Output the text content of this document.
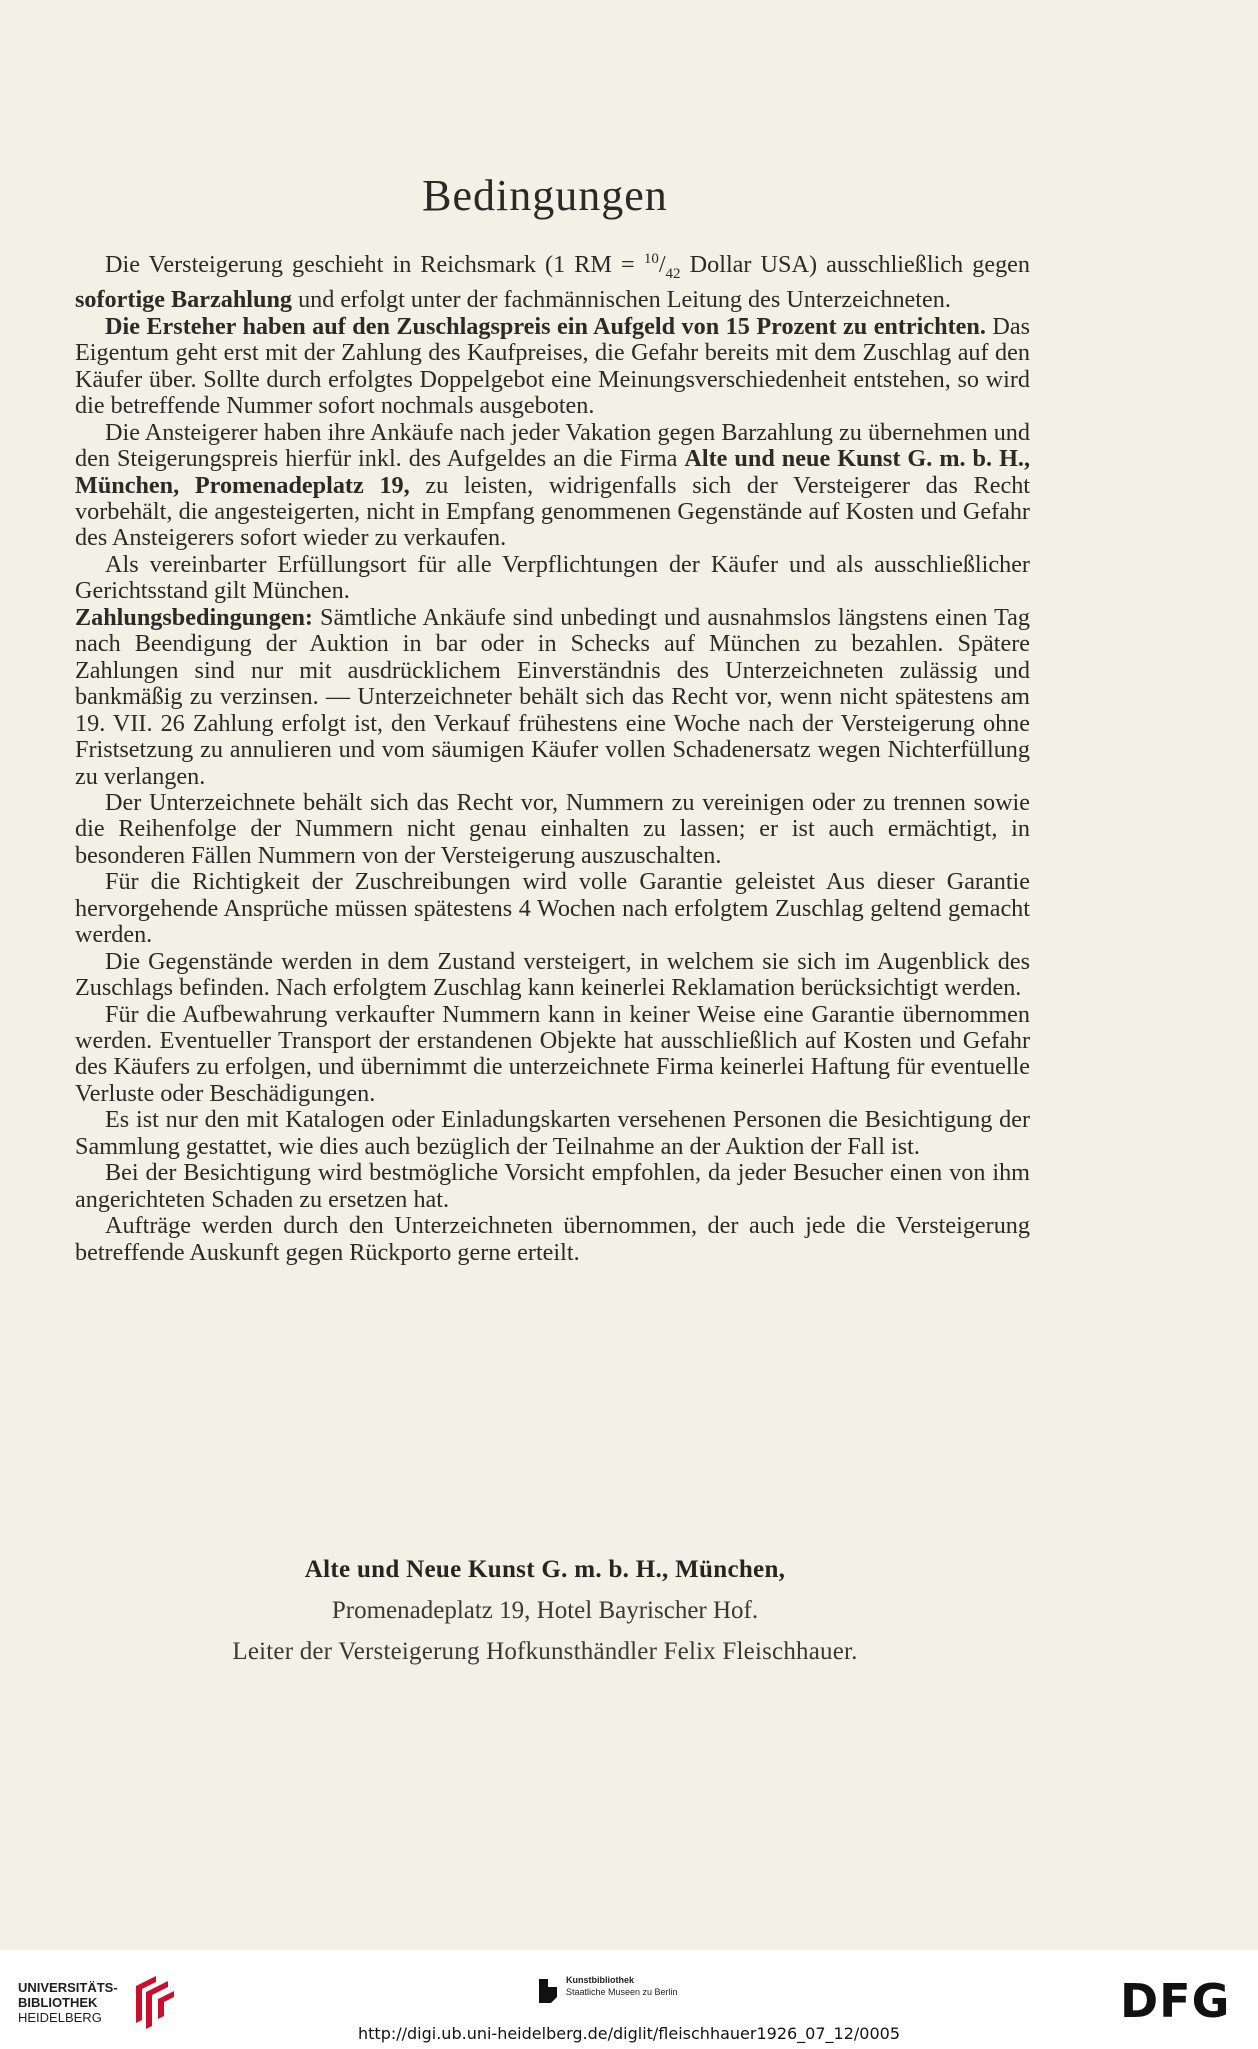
Bedingungen

Die Versteigerung geschieht in Reichsmark (1 RM = $^{10}/_{42}$ Dollar USA) ausschließlich gegen sofortige Barzahlung und erfolgt unter der fachmännischen Leitung des Unterzeichneten.

Die Ersteher haben auf den Zuschlagspreis ein Aufgeld von 15 Prozent zu entrichten. Das Eigentum geht erst mit der Zahlung des Kaufpreises, die Gefahr bereits mit dem Zuschlag auf den Käufer über. Sollte durch erfolgtes Doppelgebot eine Meinungsverschiedenheit entstehen, so wird die betreffende Nummer sofort nochmals ausgeboten.

Die Ansteigerer haben ihre Ankäufe nach jeder Vakation gegen Barzahlung zu übernehmen und den Steigerungspreis hierfür inkl. des Aufgeldes an die Firma Alte und neue Kunst G. m. b. H., München, Promenadeplatz 19, zu leisten, widrigenfalls sich der Versteigerer das Recht vorbehält, die angesteigerten, nicht in Empfang genommenen Gegenstände auf Kosten und Gefahr des Ansteigerers sofort wieder zu verkaufen.

Als vereinbarter Erfüllungsort für alle Verpflichtungen der Käufer und als ausschließlicher Gerichtsstand gilt München.

Zahlungsbedingungen: Sämtliche Ankäufe sind unbedingt und ausnahmslos längstens einen Tag nach Beendigung der Auktion in bar oder in Schecks auf München zu bezahlen. Spätere Zahlungen sind nur mit ausdrücklichem Einverständnis des Unterzeichneten zulässig und bankmäßig zu verzinsen. — Unterzeichneter behält sich das Recht vor, wenn nicht spätestens am 19. VII. 26 Zahlung erfolgt ist, den Verkauf frühestens eine Woche nach der Versteigerung ohne Fristsetzung zu annulieren und vom säumigen Käufer vollen Schadenersatz wegen Nichterfüllung zu verlangen.

Der Unterzeichnete behält sich das Recht vor, Nummern zu vereinigen oder zu trennen sowie die Reihenfolge der Nummern nicht genau einhalten zu lassen; er ist auch ermächtigt, in besonderen Fällen Nummern von der Versteigerung auszuschalten.

Für die Richtigkeit der Zuschreibungen wird volle Garantie geleistet Aus dieser Garantie hervorgehende Ansprüche müssen spätestens 4 Wochen nach erfolgtem Zuschlag geltend gemacht werden.

Die Gegenstände werden in dem Zustand versteigert, in welchem sie sich im Augenblick des Zuschlags befinden. Nach erfolgtem Zuschlag kann keinerlei Reklamation berücksichtigt werden.

Für die Aufbewahrung verkaufter Nummern kann in keiner Weise eine Garantie übernommen werden. Eventueller Transport der erstandenen Objekte hat ausschließlich auf Kosten und Gefahr des Käufers zu erfolgen, und übernimmt die unterzeichnete Firma keinerlei Haftung für eventuelle Verluste oder Beschädigungen.

Es ist nur den mit Katalogen oder Einladungskarten versehenen Personen die Besichtigung der Sammlung gestattet, wie dies auch bezüglich der Teilnahme an der Auktion der Fall ist.

Bei der Besichtigung wird bestmögliche Vorsicht empfohlen, da jeder Besucher einen von ihm angerichteten Schaden zu ersetzen hat.

Aufträge werden durch den Unterzeichneten übernommen, der auch jede die Versteigerung betreffende Auskunft gegen Rückporto gerne erteilt.

Alte und Neue Kunst G. m. b. H., München,
Promenadeplatz 19, Hotel Bayrischer Hof.
Leiter der Versteigerung Hofkunsthändler Felix Fleischhauer.
UNIVERSITÄTS-
BIBLIOTHEK
HEIDELBERG
Kunstbibliothek
Staatliche Museen zu Berlin	DFG
http://digi.ub.uni-heidelberg.de/diglit/fleischhauer1926_07_12/0005
